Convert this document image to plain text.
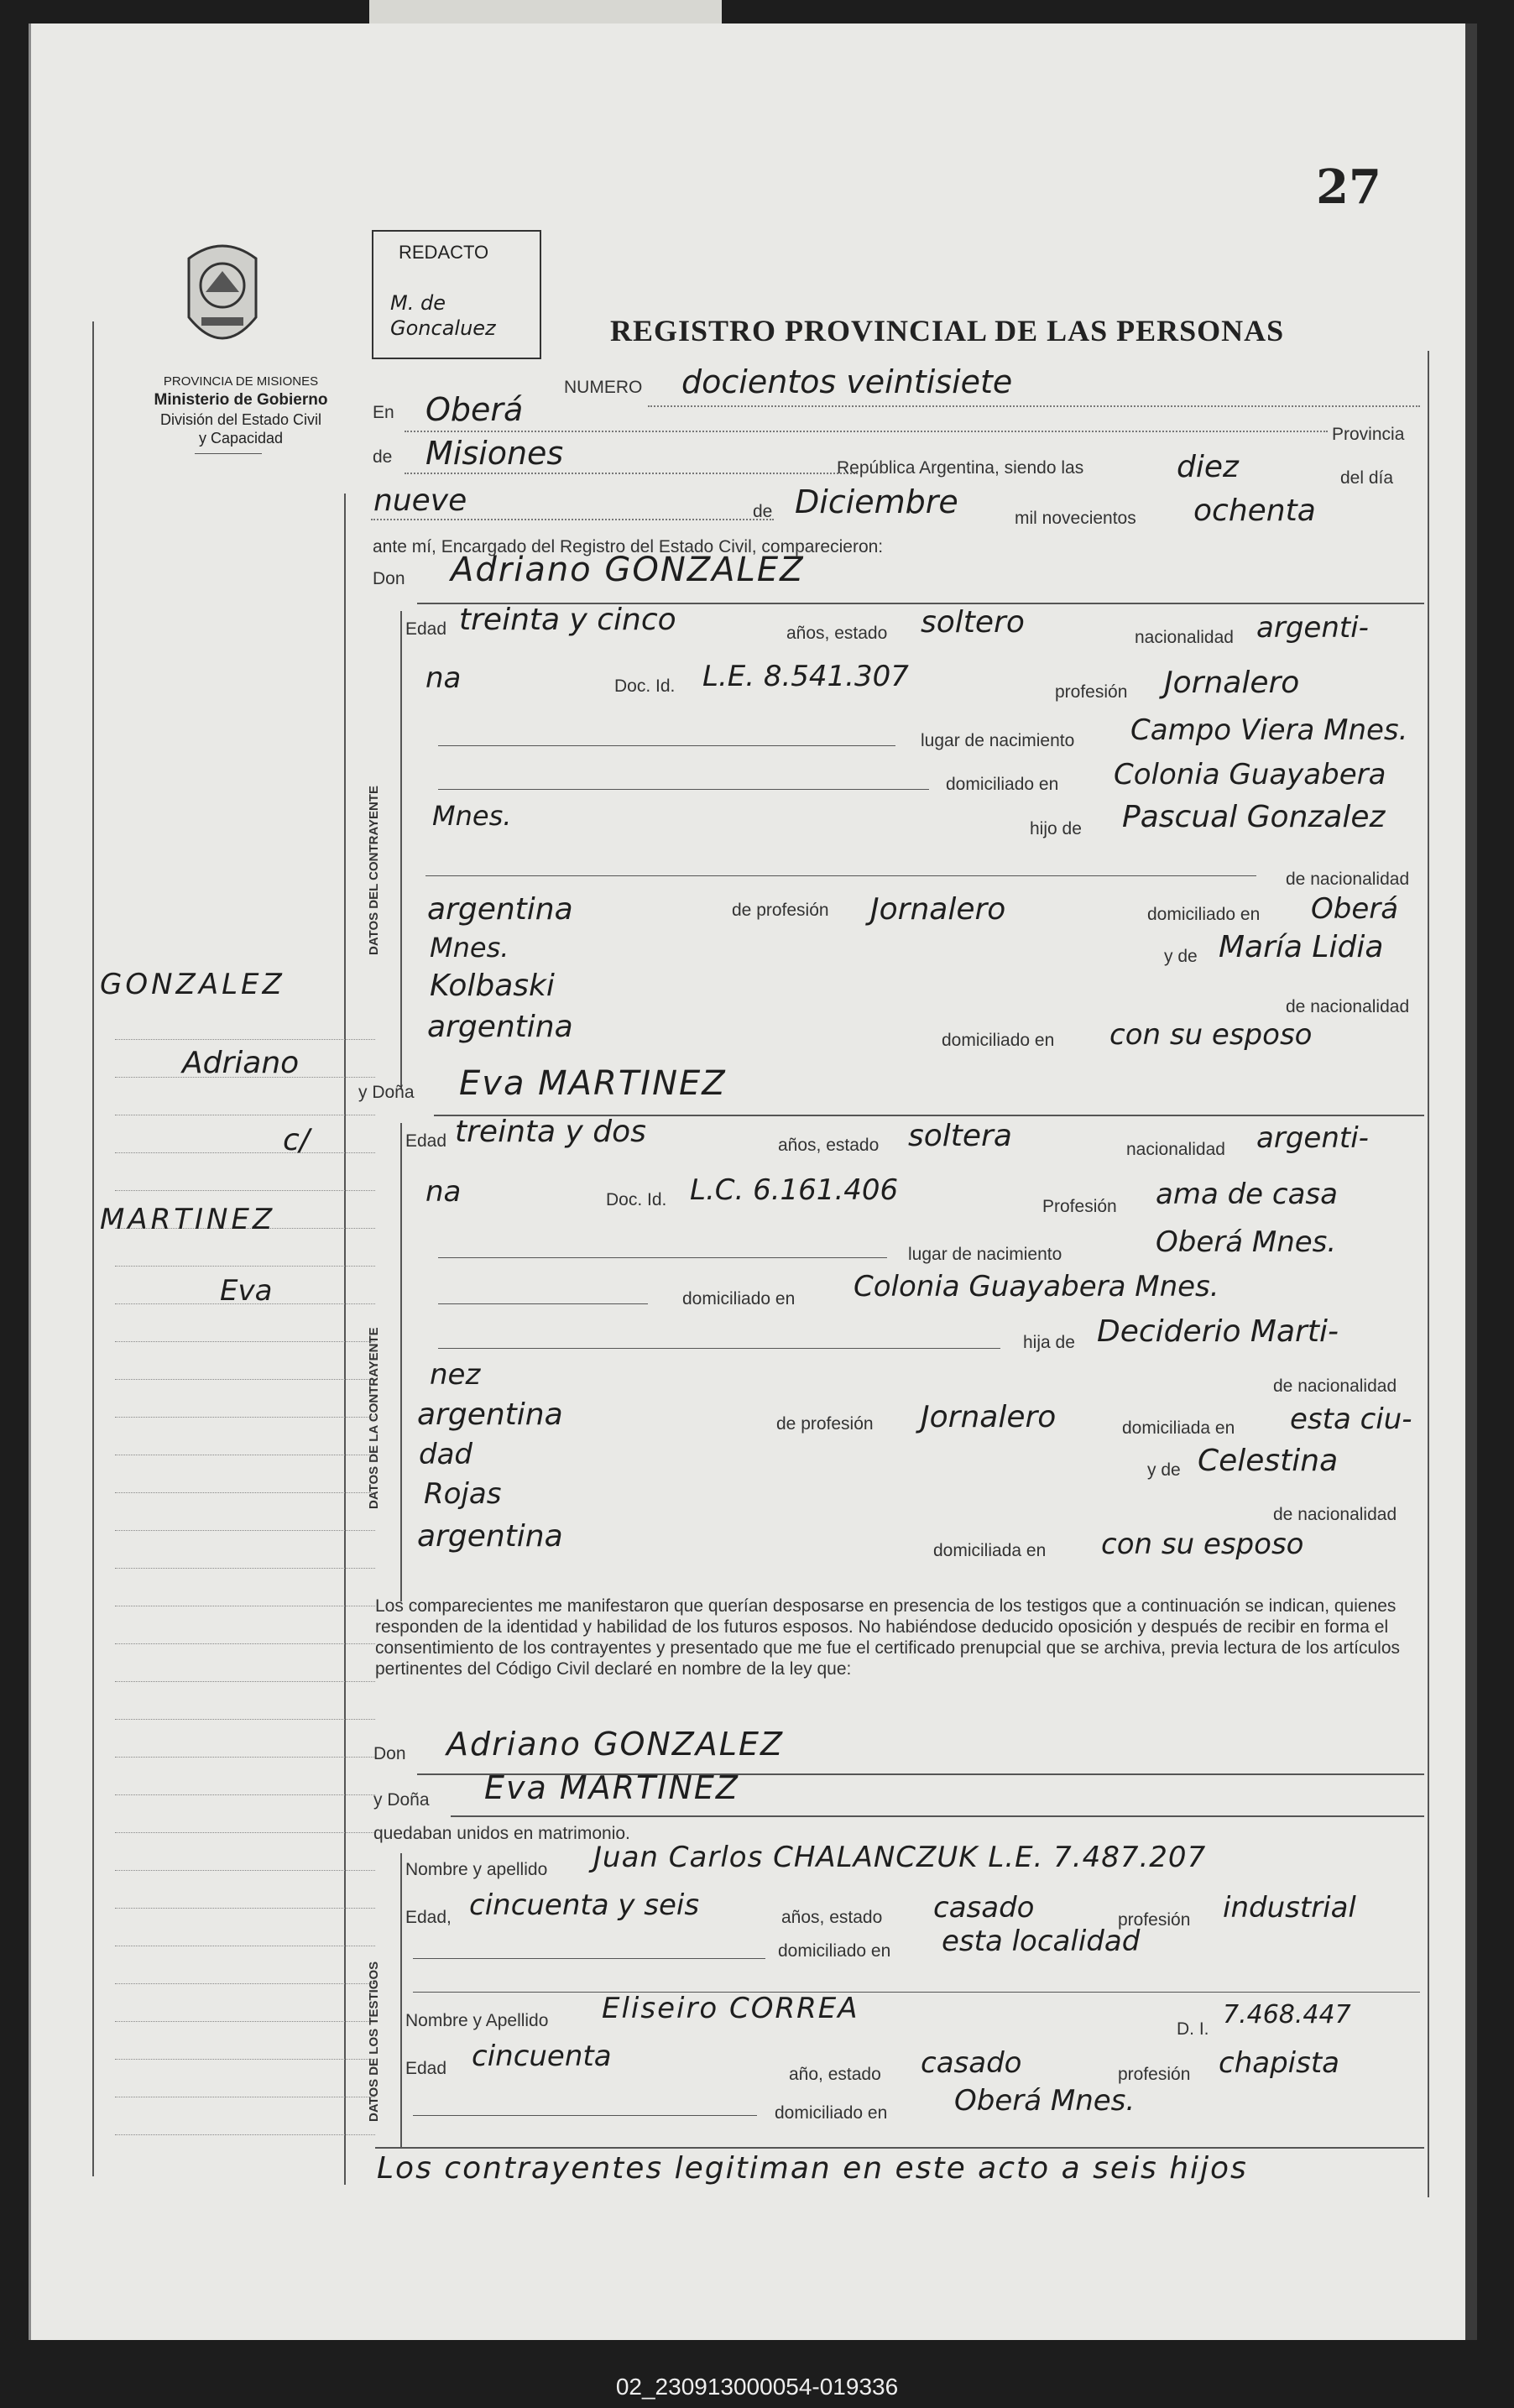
27
PROVINCIA DE MISIONES
Ministerio de Gobierno
División del Estado Civil
y Capacidad
GONZALEZ
Adriano
c/
MARTINEZ
Eva
REDACTO
M. de Goncaluez	REGISTRO PROVINCIAL DE LAS PERSONAS
NUMERO docientos veintisiete
En Oberá
Provincia
de Misiones	República Argentina, siendo las	diez	del día
nueve	de Diciembre	mil novecientos ochenta
ante mí, Encargado del Registro del Estado Civil, comparecieron:
Don Adriano GONZALEZ
DATOS DEL CONTRAYENTE
Edad treinta y cinco	años, estado soltero	nacionalidad argenti-
na	Doc. Id. L.E. 8.541.307	profesión Jornalero
lugar de nacimiento Campo Viera Mnes.
domiciliado en Colonia Guayabera
Mnes.	hijo de Pascual Gonzalez
de nacionalidad
argentina	de profesión Jornalero	domiciliado en Oberá
Mnes.	y de María Lidia
Kolbaski
de nacionalidad
argentina	domiciliado en con su esposo
y Doña Eva MARTINEZ
DATOS DE LA CONTRAYENTE
Edad treinta y dos	años, estado soltera	nacionalidad argenti-
na	Doc. Id. L.C. 6.161.406	Profesión ama de casa
lugar de nacimiento	Oberá Mnes.
domiciliado en Colonia Guayabera Mnes.
hija de Deciderio Marti-
nez	de nacionalidad
argentina	de profesión Jornalero	domiciliada en esta ciu-
dad	y de Celestina
Rojas
de nacionalidad
argentina	domiciliada en con su esposo
Los comparecientes me manifestaron que querían desposarse en presencia de los testigos que a continuación se indican, quienes responden de la identidad y habilidad de los futuros esposos. No habiéndose deducido oposición y después de recibir en forma el consentimiento de los contrayentes y presentado que me fue el certificado prenupcial que se archiva, previa lectura de los artículos pertinentes del Código Civil declaré en nombre de la ley que:
Don Adriano GONZALEZ
y Doña Eva MARTINEZ
quedaban unidos en matrimonio.
DATOS DE LOS TESTIGOS
Nombre y apellido Juan Carlos CHALANCZUK L.E. 7.487.207
Edad, cincuenta y seis	años, estado casado	profesión industrial
domiciliado en esta localidad
Nombre y Apellido Eliseiro CORREA
D. I. 7.468.447
Edad cincuenta
año, estado casado	profesión chapista
domiciliado en Oberá Mnes.
Los contrayentes legitiman en este acto a seis hijos
02_230913000054-019336
